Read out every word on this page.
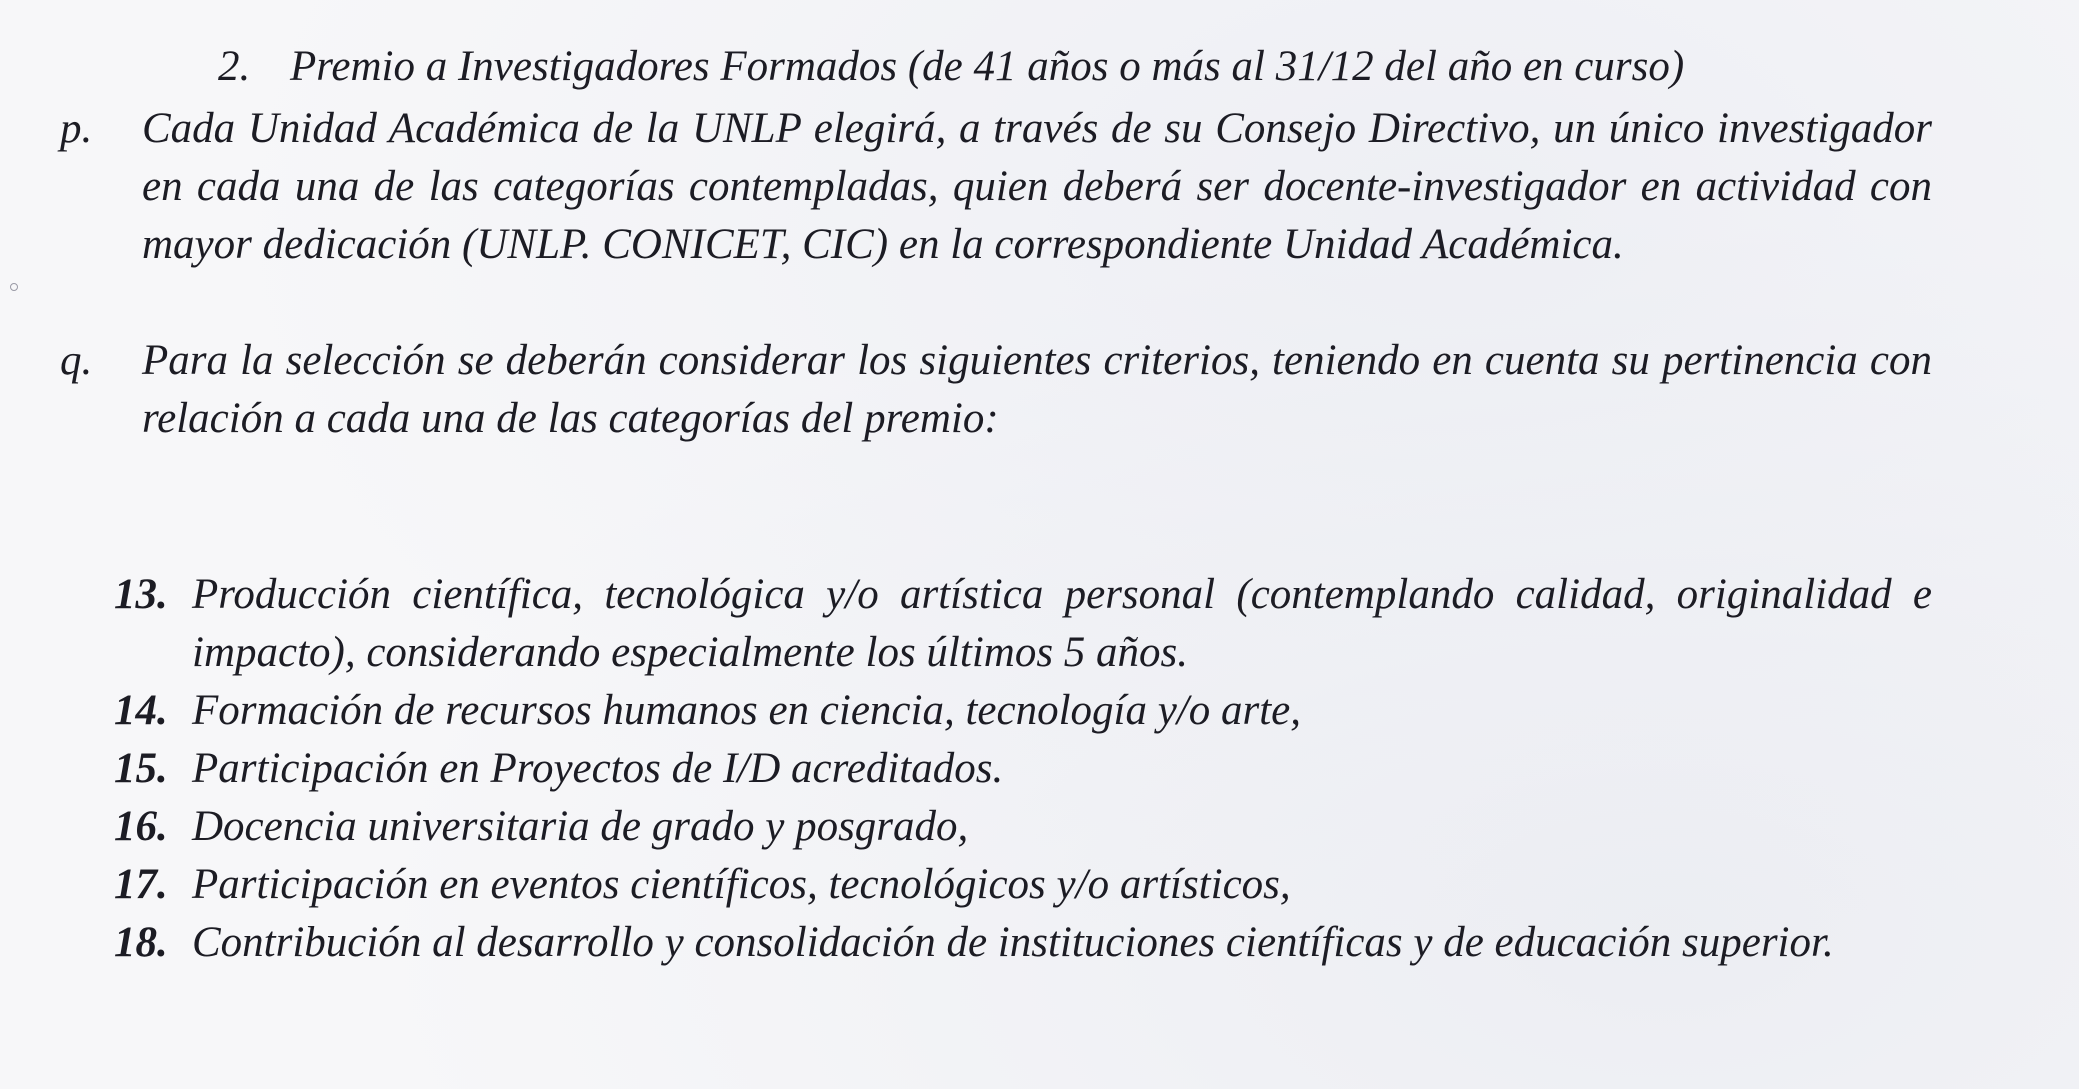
2. Premio a Investigadores Formados (de 41 años o más al 31/12 del año en curso)
p. Cada Unidad Académica de la UNLP elegirá, a través de su Consejo Directivo, un único investigador en cada una de las categorías contempladas, quien deberá ser docente-investigador en actividad con mayor dedicación (UNLP. CONICET, CIC) en la correspondiente Unidad Académica.
q. Para la selección se deberán considerar los siguientes criterios, teniendo en cuenta su pertinencia con relación a cada una de las categorías del premio:
13. Producción científica, tecnológica y/o artística personal (contemplando calidad, originalidad e impacto), considerando especialmente los últimos 5 años.
14. Formación de recursos humanos en ciencia, tecnología y/o arte,
15. Participación en Proyectos de I/D acreditados.
16. Docencia universitaria de grado y posgrado,
17. Participación en eventos científicos, tecnológicos y/o artísticos,
18. Contribución al desarrollo y consolidación de instituciones científicas y de educación superior.
